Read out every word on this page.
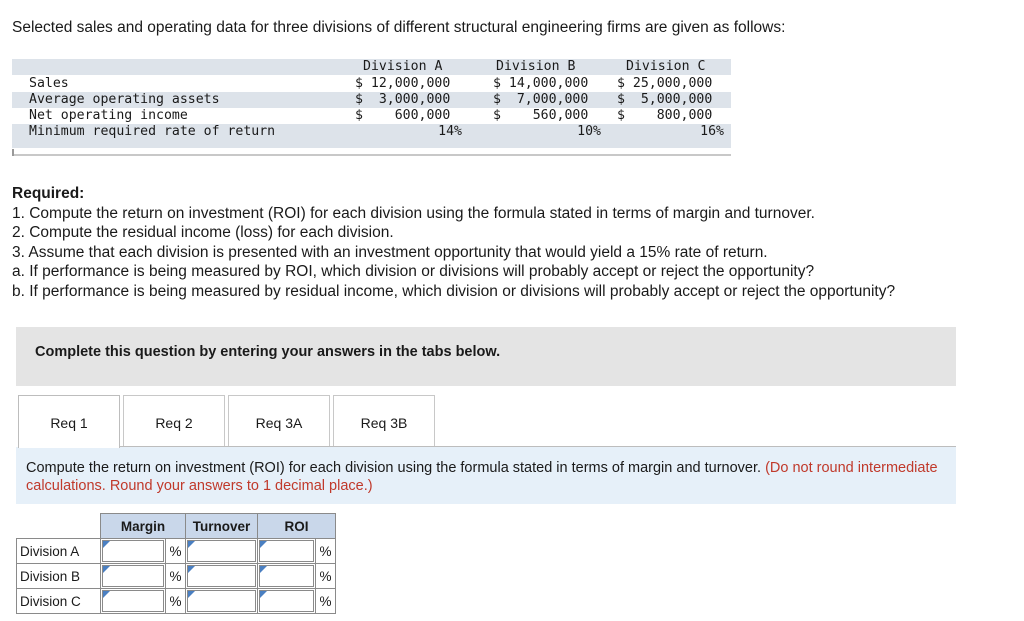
Selected sales and operating data for three divisions of different structural engineering firms are given as follows:
Division A	Division B	Division C
Sales	$ 12,000,000	$ 14,000,000 $ 25,000,000
Average operating assets	$  3,000,000	$  7,000,000 $  5,000,000
Net operating income	$    600,000	$    560,000 $    800,000
Minimum required rate of return	14%	10%	16%
Required:
1. Compute the return on investment (ROI) for each division using the formula stated in terms of margin and turnover.
2. Compute the residual income (loss) for each division.
3. Assume that each division is presented with an investment opportunity that would yield a 15% rate of return.
a. If performance is being measured by ROI, which division or divisions will probably accept or reject the opportunity?
b. If performance is being measured by residual income, which division or divisions will probably accept or reject the opportunity?
Complete this question by entering your answers in the tabs below.
Req 1	Req 2	Req 3A	Req 3B

Compute the return on investment (ROI) for each division using the formula stated in terms of margin and turnover. (Do not round intermediate calculations. Round your answers to 1 decimal place.)

	Margin		Turnover	ROI	
Division A		%			%
Division B		%			%
Division C		%			%
